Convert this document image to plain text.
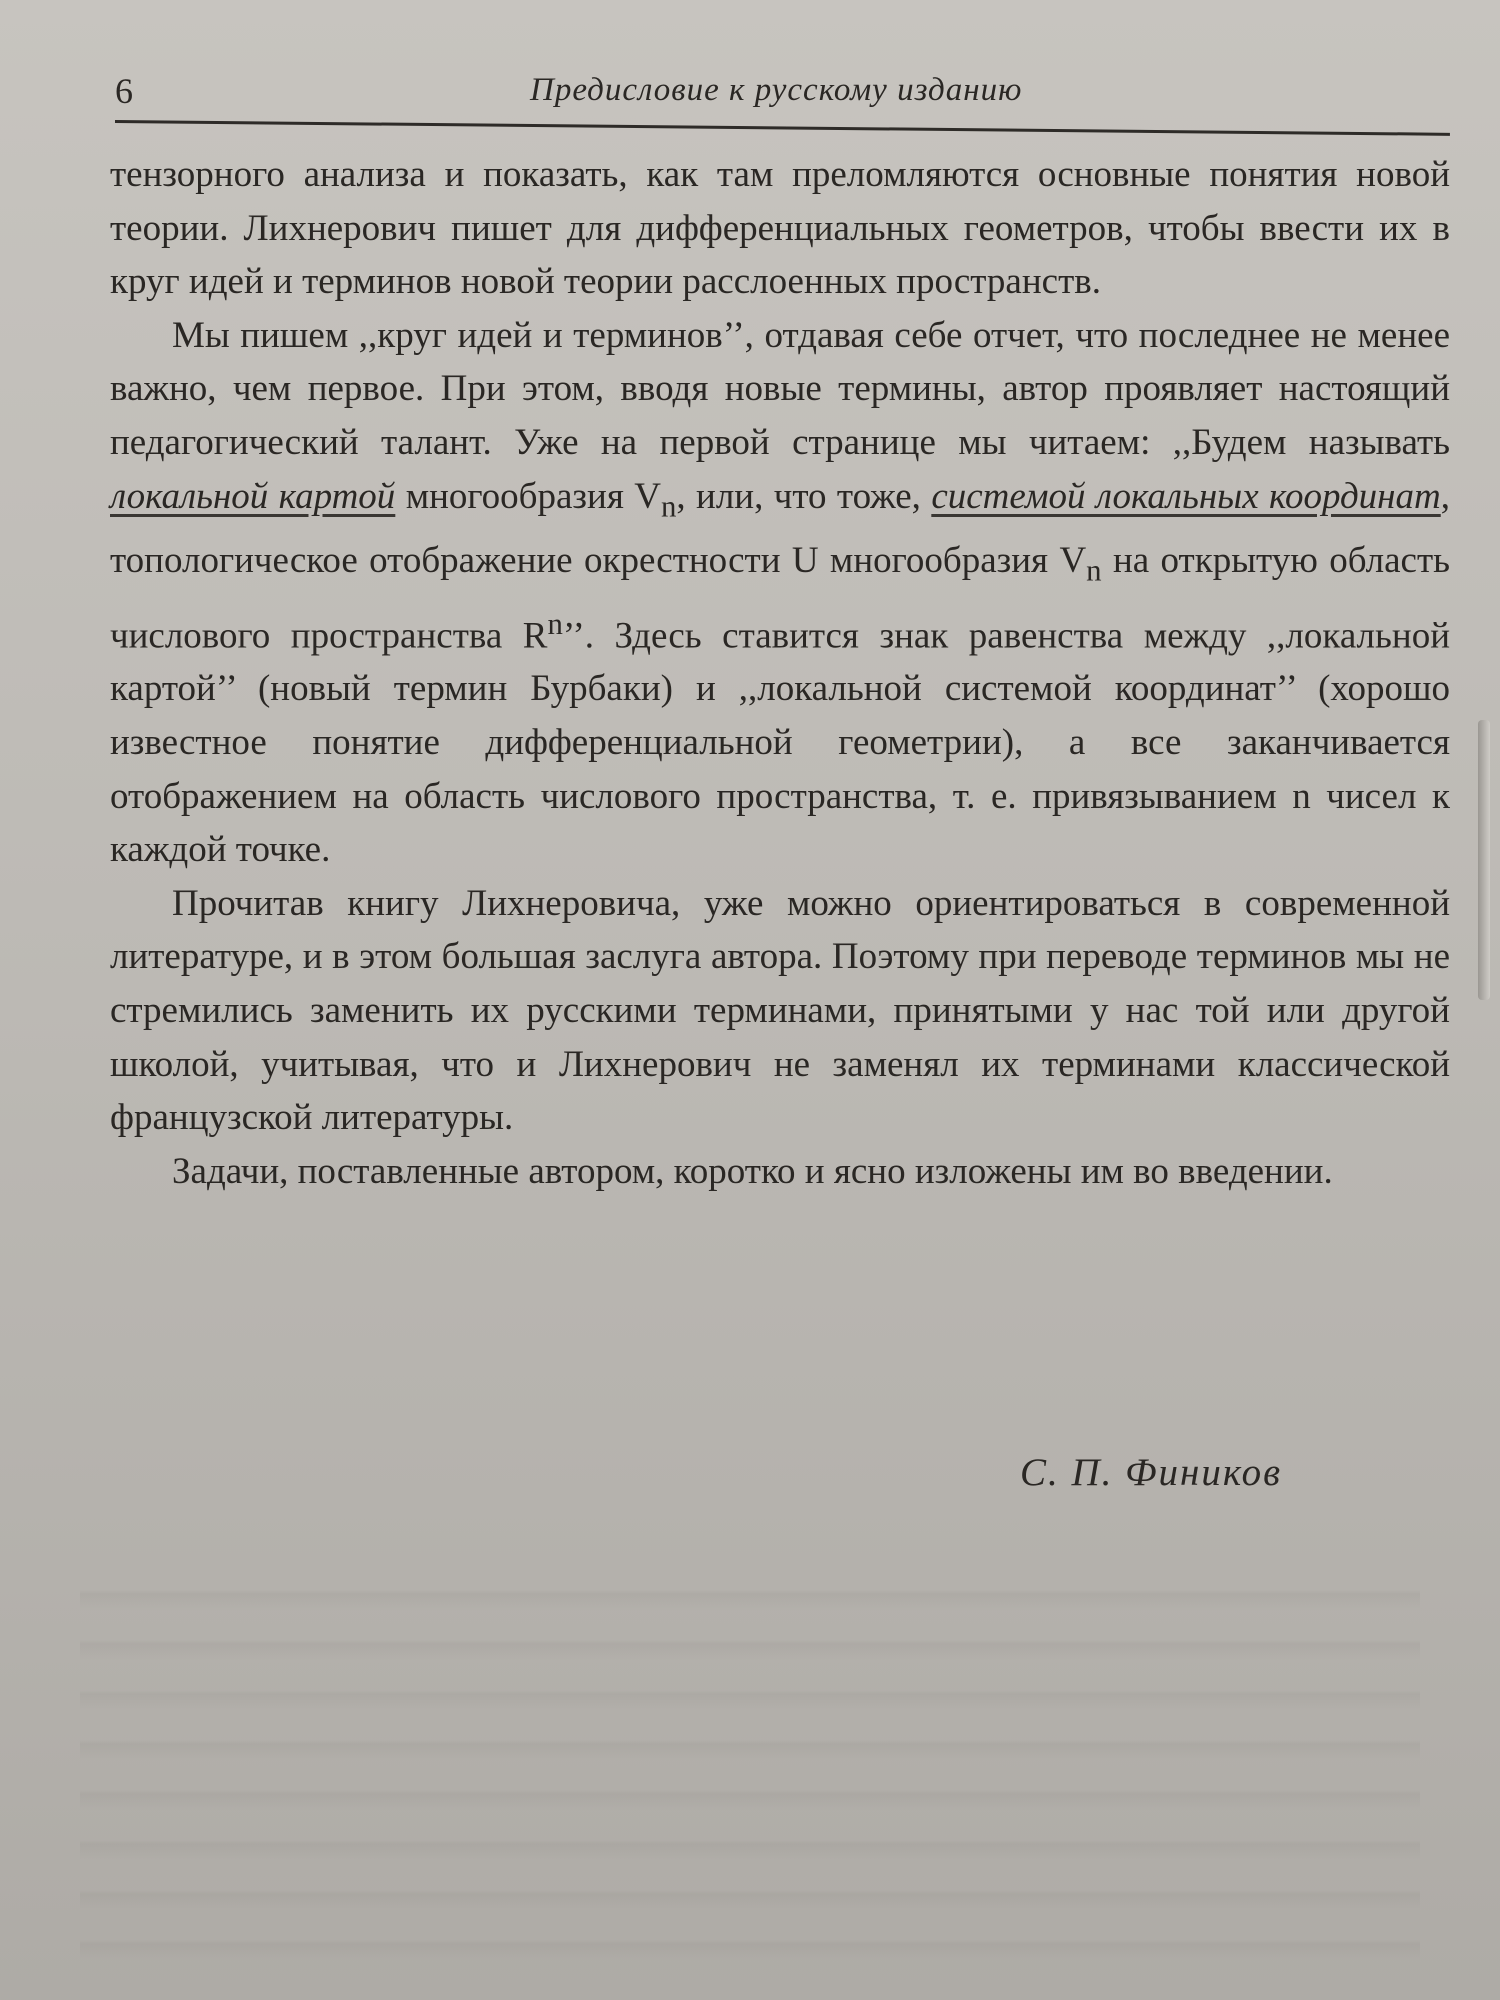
6	Предисловие к русскому изданию

тензорного анализа и показать, как там преломляются основные понятия новой теории. Лихнерович пишет для дифференциальных геометров, чтобы ввести их в круг идей и терминов новой теории расслоенных пространств.

Мы пишем ,,круг идей и терминов’’, отдавая себе отчет, что последнее не менее важно, чем первое. При этом, вводя новые термины, автор проявляет настоящий педагогический талант. Уже на первой странице мы читаем: ,,Будем называть локальной картой многообразия $V_n$, или, что тоже, системой локальных координат, топологическое отображение окрестности U многообразия $V_n$ на открытую область числового пространства $R^n$’’. Здесь ставится знак равенства между ,,локальной картой’’ (новый термин Бурбаки) и ,,локальной системой координат’’ (хорошо известное понятие дифференциальной геометрии), а все заканчивается отображением на область числового пространства, т. е. привязыванием n чисел к каждой точке.

Прочитав книгу Лихнеровича, уже можно ориентироваться в современной литературе, и в этом большая заслуга автора. Поэтому при переводе терминов мы не стремились заменить их русскими терминами, принятыми у нас той или другой школой, учитывая, что и Лихнерович не заменял их терминами классической французской литературы.

Задачи, поставленные автором, коротко и ясно изложены им во введении.

С. П. Фиников
